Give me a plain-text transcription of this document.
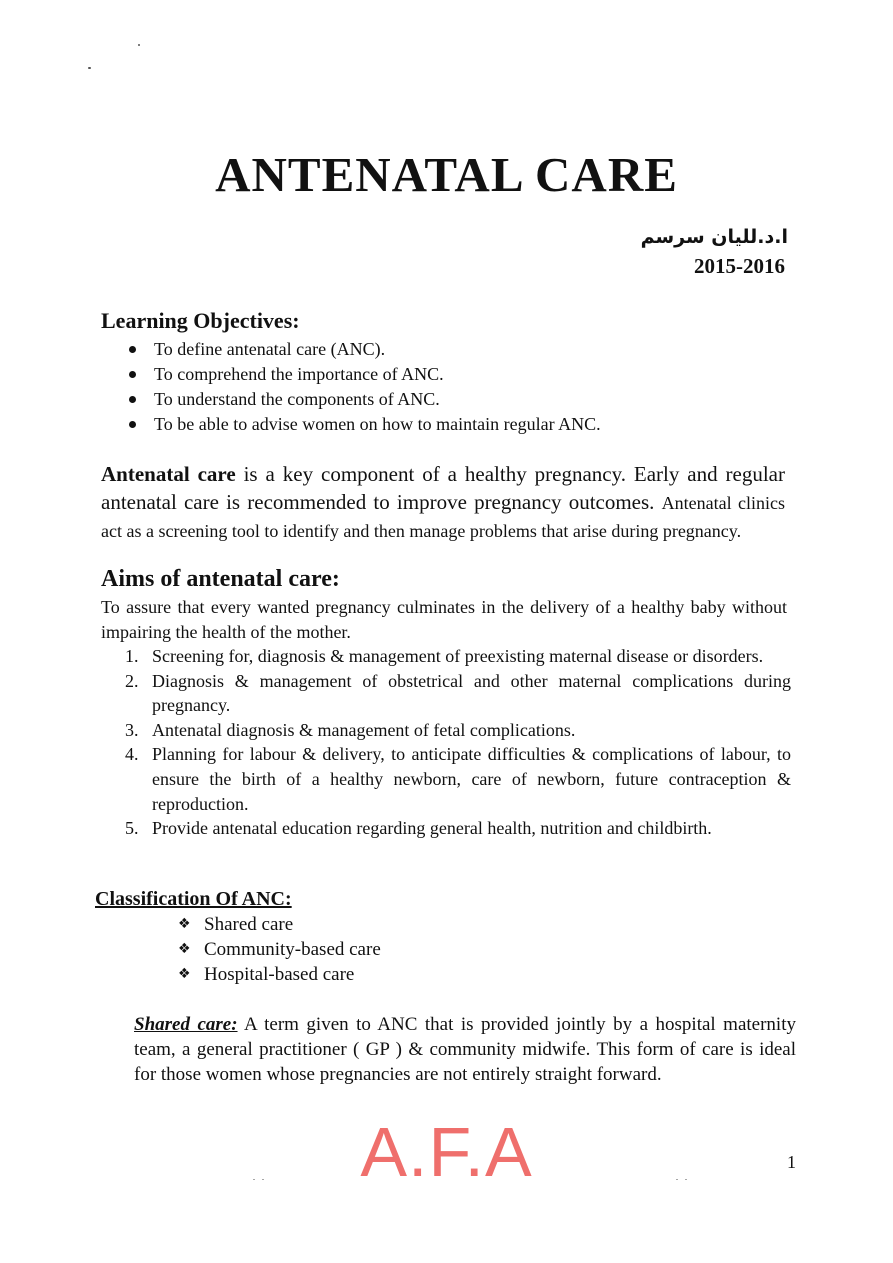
ANTENATAL CARE
ا.د.للیان سرسم
2015-2016
Learning Objectives:
To define antenatal care (ANC).
To comprehend the importance of ANC.
To understand the components of ANC.
To be able to advise women on how to maintain regular ANC.

Antenatal care is a key component of a healthy pregnancy. Early and regular antenatal care is recommended to improve pregnancy outcomes. Antenatal clinics act as a screening tool to identify and then manage problems that arise during pregnancy.

Aims of antenatal care:

To assure that every wanted pregnancy culminates in the delivery of a healthy baby without impairing the health of the mother.

1. Screening for, diagnosis & management of preexisting maternal disease or disorders.
2. Diagnosis & management of obstetrical and other maternal complications during pregnancy.
3. Antenatal diagnosis & management of fetal complications.
4. Planning for labour & delivery, to anticipate difficulties & complications of labour, to ensure the birth of a healthy newborn, care of newborn, future contraception & reproduction.
5. Provide antenatal education regarding general health, nutrition and childbirth.
Classification Of ANC:
❖ Shared care
❖ Community-based care
❖ Hospital-based care

Shared care: A term given to ANC that is provided jointly by a hospital maternity team, a general practitioner ( GP ) & community midwife. This form of care is ideal for those women whose pregnancies are not entirely straight forward.

A.F.A	1
